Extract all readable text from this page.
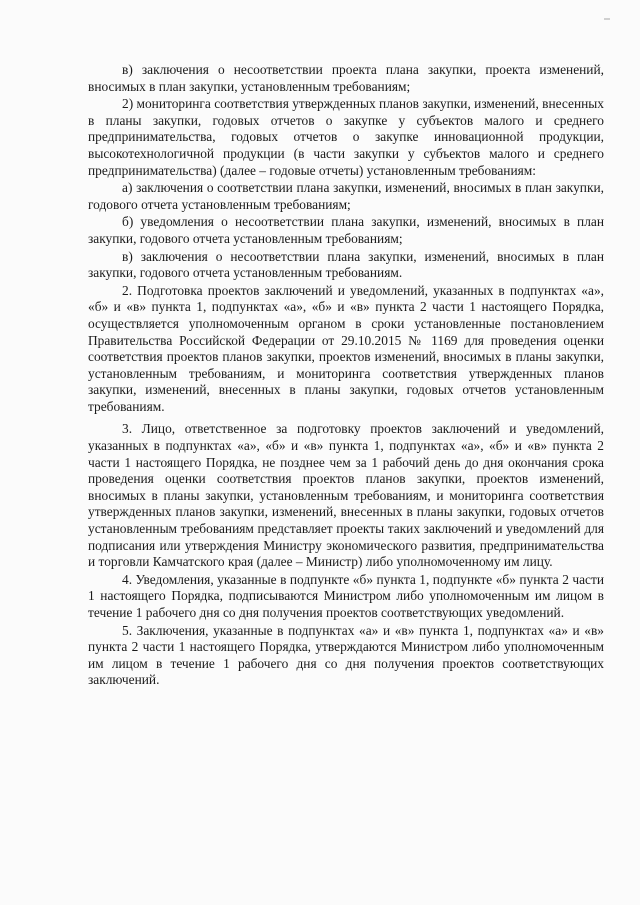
в) заключения о несоответствии проекта плана закупки, проекта изменений, вносимых в план закупки, установленным требованиям;

2) мониторинга соответствия утвержденных планов закупки, изменений, внесенных в планы закупки, годовых отчетов о закупке у субъектов малого и среднего предпринимательства, годовых отчетов о закупке инновационной продукции, высокотехнологичной продукции (в части закупки у субъектов малого и среднего предпринимательства) (далее – годовые отчеты) установленным требованиям:

а) заключения о соответствии плана закупки, изменений, вносимых в план закупки, годового отчета установленным требованиям;

б) уведомления о несоответствии плана закупки, изменений, вносимых в план закупки, годового отчета установленным требованиям;

в) заключения о несоответствии плана закупки, изменений, вносимых в план закупки, годового отчета установленным требованиям.

2. Подготовка проектов заключений и уведомлений, указанных в подпунктах «а», «б» и «в» пункта 1, подпунктах «а», «б» и «в» пункта 2 части 1 настоящего Порядка, осуществляется уполномоченным органом в сроки установленные постановлением Правительства Российской Федерации от 29.10.2015 № 1169 для проведения оценки соответствия проектов планов закупки, проектов изменений, вносимых в планы закупки, установленным требованиям, и мониторинга соответствия утвержденных планов закупки, изменений, внесенных в планы закупки, годовых отчетов установленным требованиям.

3. Лицо, ответственное за подготовку проектов заключений и уведомлений, указанных в подпунктах «а», «б» и «в» пункта 1, подпунктах «а», «б» и «в» пункта 2 части 1 настоящего Порядка, не позднее чем за 1 рабочий день до дня окончания срока проведения оценки соответствия проектов планов закупки, проектов изменений, вносимых в планы закупки, установленным требованиям, и мониторинга соответствия утвержденных планов закупки, изменений, внесенных в планы закупки, годовых отчетов установленным требованиям представляет проекты таких заключений и уведомлений для подписания или утверждения Министру экономического развития, предпринимательства и торговли Камчатского края (далее – Министр) либо уполномоченному им лицу.

4. Уведомления, указанные в подпункте «б» пункта 1, подпункте «б» пункта 2 части 1 настоящего Порядка, подписываются Министром либо уполномоченным им лицом в течение 1 рабочего дня со дня получения проектов соответствующих уведомлений.

5. Заключения, указанные в подпунктах «а» и «в» пункта 1, подпунктах «а» и «в» пункта 2 части 1 настоящего Порядка, утверждаются Министром либо уполномоченным им лицом в течение 1 рабочего дня со дня получения проектов соответствующих заключений.
